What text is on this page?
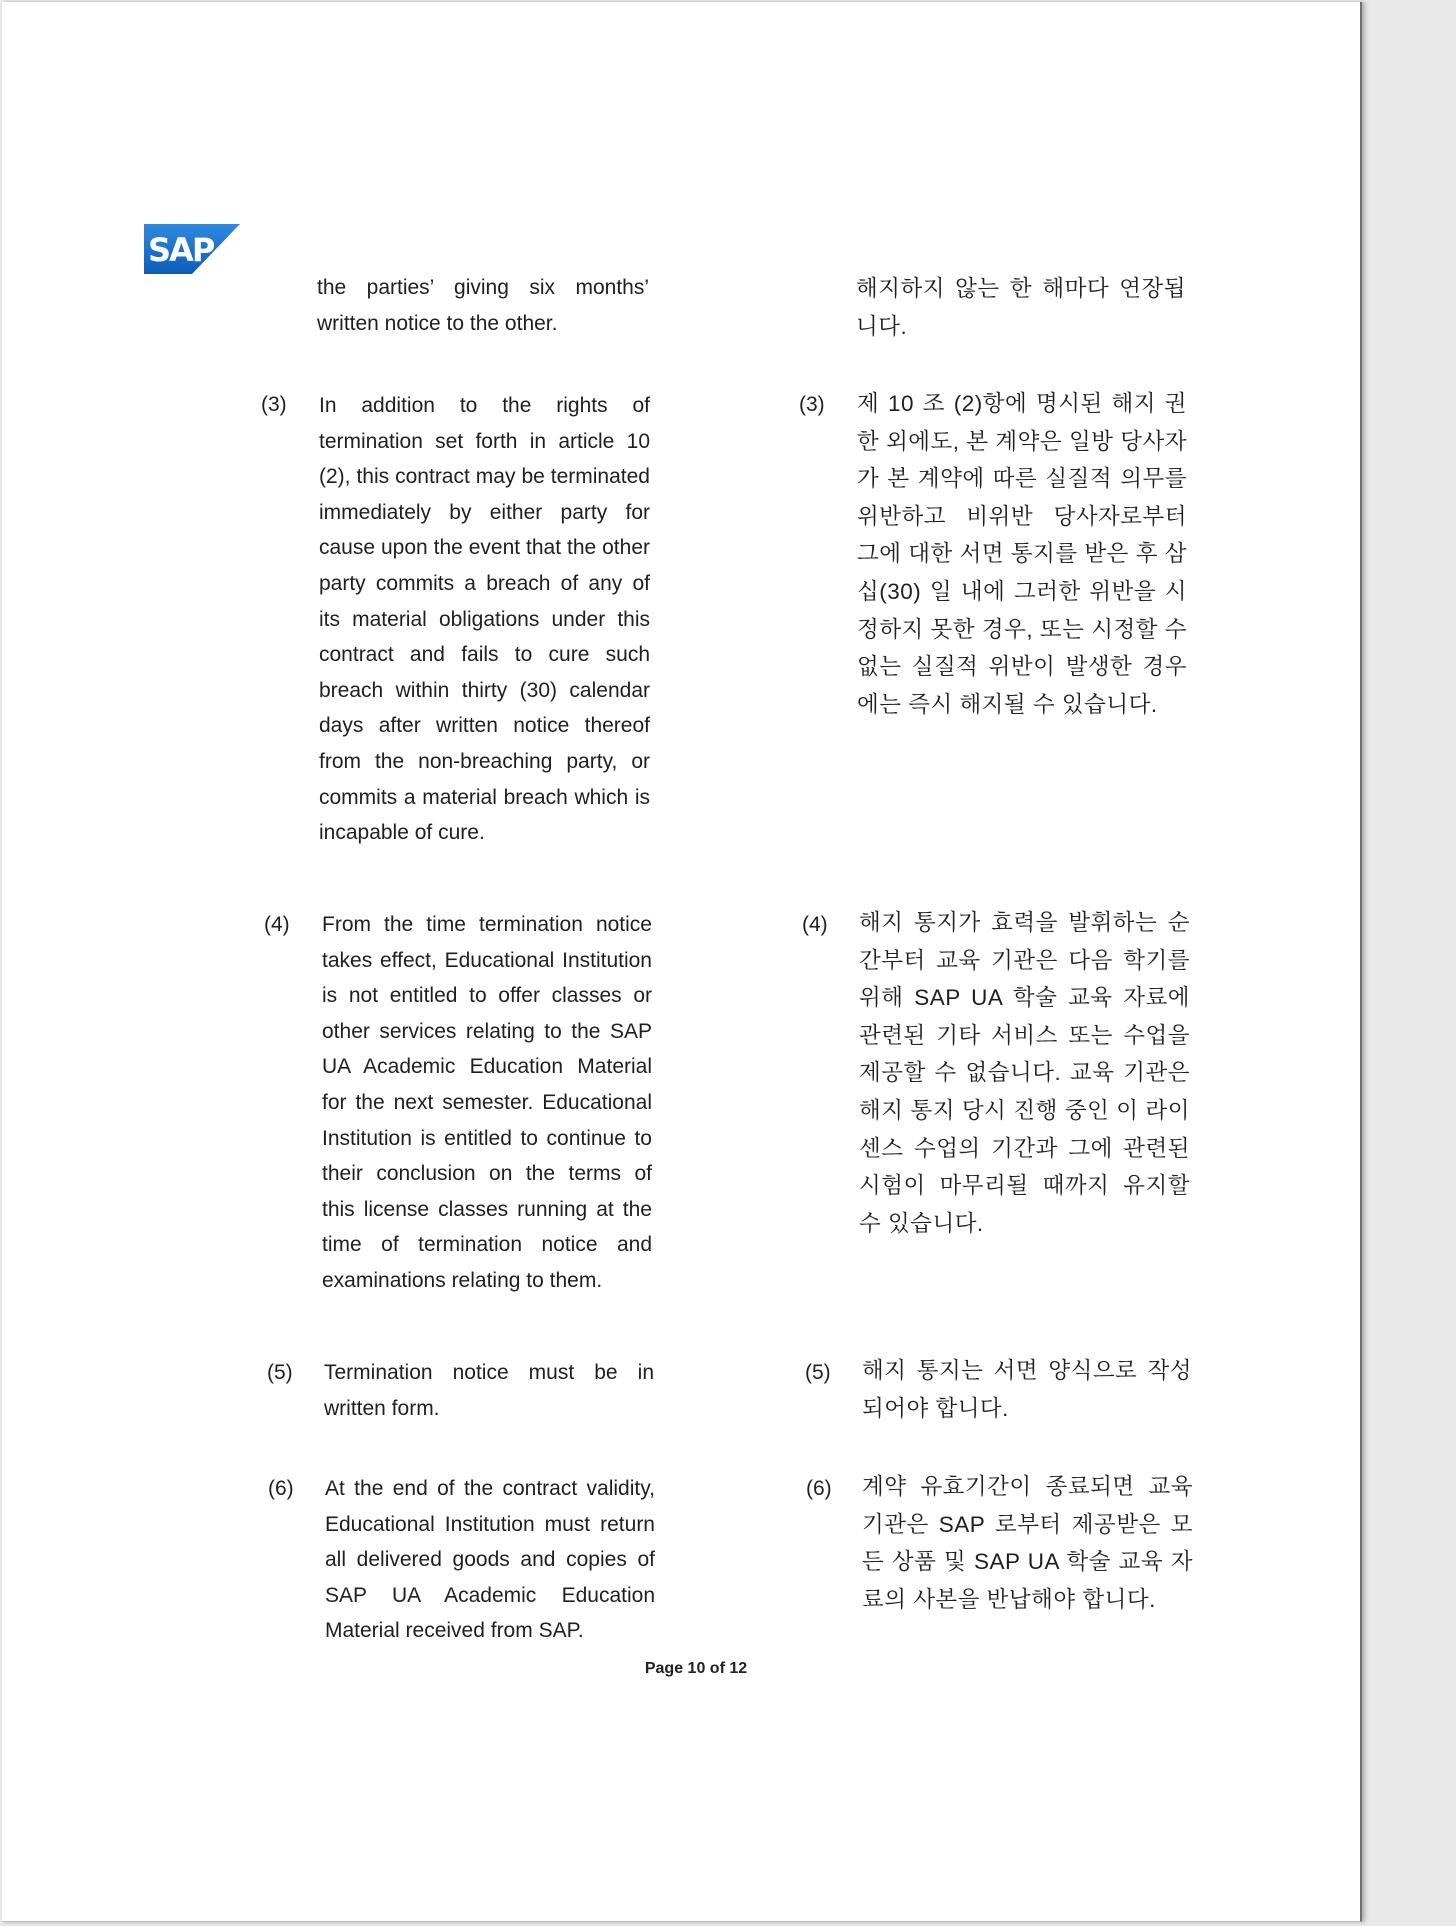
SAP

the parties’ giving six months’ written notice to the other.

(3) In addition to the rights of termination set forth in article 10 (2), this contract may be terminated immediately by either party for cause upon the event that the other party commits a breach of any of its material obligations under this contract and fails to cure such breach within thirty (30) calendar days after written notice thereof from the non-breaching party, or commits a material breach which is incapable of cure.

(4) From the time termination notice takes effect, Educational Institution is not entitled to offer classes or other services relating to the SAP UA Academic Education Material for the next semester. Educational Institution is entitled to continue to their conclusion on the terms of this license classes running at the time of termination notice and examinations relating to them.

(5) Termination notice must be in written form.

(6) At the end of the contract validity, Educational Institution must return all delivered goods and copies of SAP UA Academic Education Material received from SAP.

해지하지 않는 한 해마다 연장됩니다.

(3) 제 10 조 (2)항에 명시된 해지 권한 외에도, 본 계약은 일방 당사자가 본 계약에 따른 실질적 의무를 위반하고 비위반 당사자로부터 그에 대한 서면 통지를 받은 후 삼십(30) 일 내에 그러한 위반을 시정하지 못한 경우, 또는 시정할 수 없는 실질적 위반이 발생한 경우에는 즉시 해지될 수 있습니다.

(4) 해지 통지가 효력을 발휘하는 순간부터 교육 기관은 다음 학기를 위해 SAP UA 학술 교육 자료에 관련된 기타 서비스 또는 수업을 제공할 수 없습니다. 교육 기관은 해지 통지 당시 진행 중인 이 라이센스 수업의 기간과 그에 관련된 시험이 마무리될 때까지 유지할 수 있습니다.

(5) 해지 통지는 서면 양식으로 작성되어야 합니다.

(6) 계약 유효기간이 종료되면 교육 기관은 SAP 로부터 제공받은 모든 상품 및 SAP UA 학술 교육 자료의 사본을 반납해야 합니다.

Page 10 of 12
